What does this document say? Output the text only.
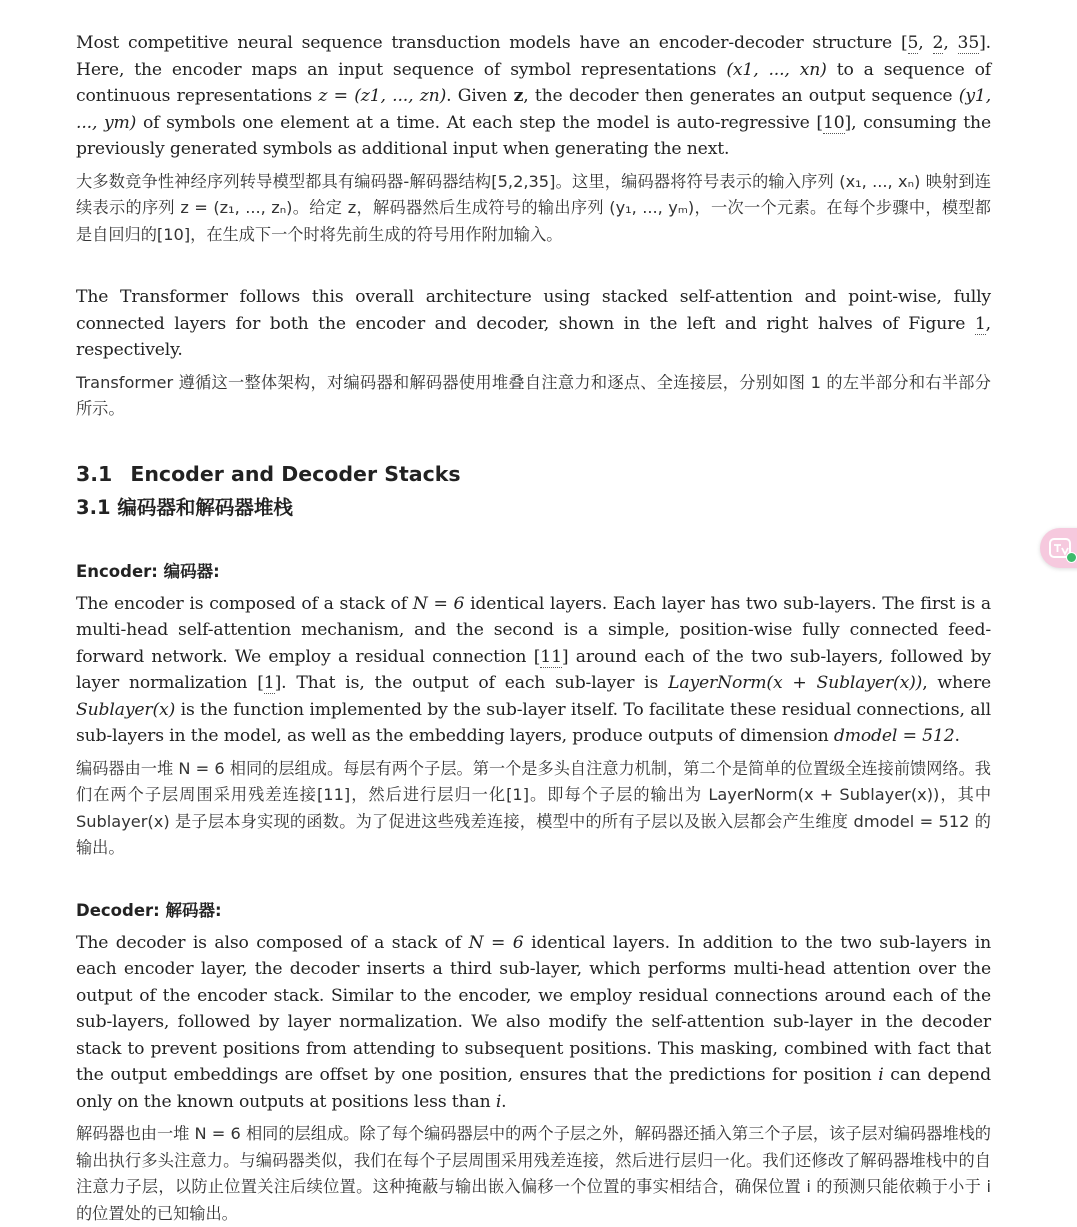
Most competitive neural sequence transduction models have an encoder-decoder structure [5, 2, 35]. Here, the encoder maps an input sequence of symbol representations (x1, ..., xn) to a sequence of continuous representations z = (z1, ..., zn). Given z, the decoder then generates an output sequence (y1, ..., ym) of symbols one element at a time. At each step the model is auto-regressive [10], consuming the previously generated symbols as additional input when generating the next.

大多数竞争性神经序列转导模型都具有编码器-解码器结构[5,2,35]。这里，编码器将符号表示的输入序列 (x₁, ..., xₙ) 映射到连续表示的序列 z = (z₁, ..., zₙ)。给定 z，解码器然后生成符号的输出序列 (y₁, ..., yₘ)，一次一个元素。在每个步骤中，模型都是自回归的[10]，在生成下一个时将先前生成的符号用作附加输入。

The Transformer follows this overall architecture using stacked self-attention and point-wise, fully connected layers for both the encoder and decoder, shown in the left and right halves of Figure 1, respectively.

Transformer 遵循这一整体架构，对编码器和解码器使用堆叠自注意力和逐点、全连接层，分别如图 1 的左半部分和右半部分所示。

3.1 Encoder and Decoder Stacks
3.1 编码器和解码器堆栈

Encoder: 编码器:

The encoder is composed of a stack of N = 6 identical layers. Each layer has two sub-layers. The first is a multi-head self-attention mechanism, and the second is a simple, position-wise fully connected feed-forward network. We employ a residual connection [11] around each of the two sub-layers, followed by layer normalization [1]. That is, the output of each sub-layer is LayerNorm(x + Sublayer(x)), where Sublayer(x) is the function implemented by the sub-layer itself. To facilitate these residual connections, all sub-layers in the model, as well as the embedding layers, produce outputs of dimension dmodel = 512.

编码器由一堆 N = 6 相同的层组成。每层有两个子层。第一个是多头自注意力机制，第二个是简单的位置级全连接前馈网络。我们在两个子层周围采用残差连接[11]，然后进行层归一化[1]。即每个子层的输出为 LayerNorm(x + Sublayer(x))，其中 Sublayer(x) 是子层本身实现的函数。为了促进这些残差连接，模型中的所有子层以及嵌入层都会产生维度 dmodel = 512 的输出。

Decoder: 解码器:

The decoder is also composed of a stack of N = 6 identical layers. In addition to the two sub-layers in each encoder layer, the decoder inserts a third sub-layer, which performs multi-head attention over the output of the encoder stack. Similar to the encoder, we employ residual connections around each of the sub-layers, followed by layer normalization. We also modify the self-attention sub-layer in the decoder stack to prevent positions from attending to subsequent positions. This masking, combined with fact that the output embeddings are offset by one position, ensures that the predictions for position i can depend only on the known outputs at positions less than i.

解码器也由一堆 N = 6 相同的层组成。除了每个编码器层中的两个子层之外，解码器还插入第三个子层，该子层对编码器堆栈的输出执行多头注意力。与编码器类似，我们在每个子层周围采用残差连接，然后进行层归一化。我们还修改了解码器堆栈中的自注意力子层，以防止位置关注后续位置。这种掩蔽与输出嵌入偏移一个位置的事实相结合，确保位置 i 的预测只能依赖于小于 i 的位置处的已知输出。
